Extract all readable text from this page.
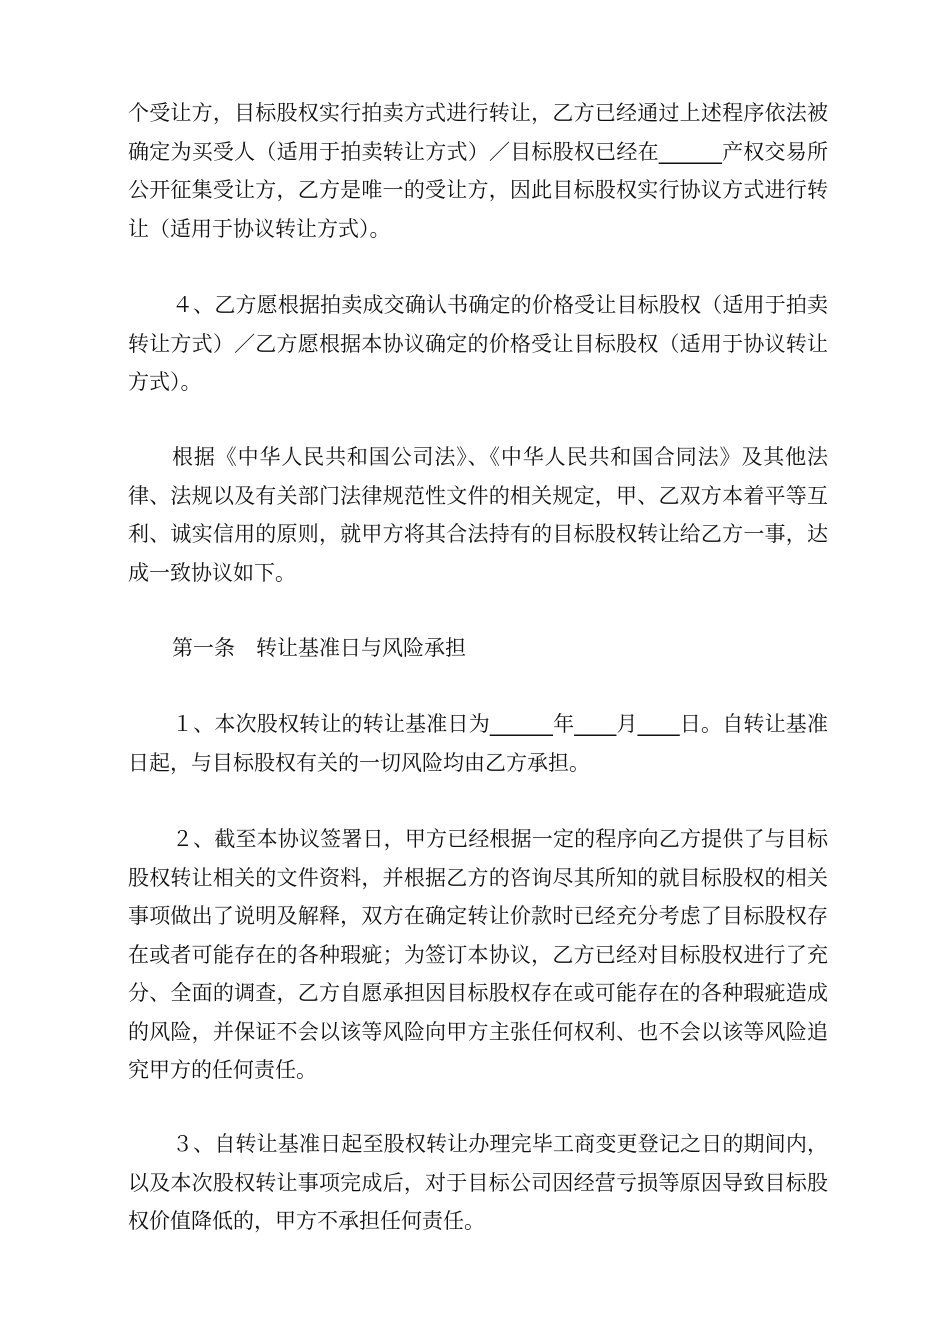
个受让方，目标股权实行拍卖方式进行转让，乙方已经通过上述程序依法被确定为买受人（适用于拍卖转让方式）／目标股权已经在______产权交易所公开征集受让方，乙方是唯一的受让方，因此目标股权实行协议方式进行转让（适用于协议转让方式）。

４、乙方愿根据拍卖成交确认书确定的价格受让目标股权（适用于拍卖转让方式）／乙方愿根据本协议确定的价格受让目标股权（适用于协议转让方式）。

根据《中华人民共和国公司法》、《中华人民共和国合同法》及其他法律、法规以及有关部门法律规范性文件的相关规定，甲、乙双方本着平等互利、诚实信用的原则，就甲方将其合法持有的目标股权转让给乙方一事，达成一致协议如下。

第一条　转让基准日与风险承担

１、本次股权转让的转让基准日为______年____月____日。自转让基准日起，与目标股权有关的一切风险均由乙方承担。

２、截至本协议签署日，甲方已经根据一定的程序向乙方提供了与目标股权转让相关的文件资料，并根据乙方的咨询尽其所知的就目标股权的相关事项做出了说明及解释，双方在确定转让价款时已经充分考虑了目标股权存在或者可能存在的各种瑕疵；为签订本协议，乙方已经对目标股权进行了充分、全面的调查，乙方自愿承担因目标股权存在或可能存在的各种瑕疵造成的风险，并保证不会以该等风险向甲方主张任何权利、也不会以该等风险追究甲方的任何责任。

３、自转让基准日起至股权转让办理完毕工商变更登记之日的期间内，以及本次股权转让事项完成后，对于目标公司因经营亏损等原因导致目标股权价值降低的，甲方不承担任何责任。
